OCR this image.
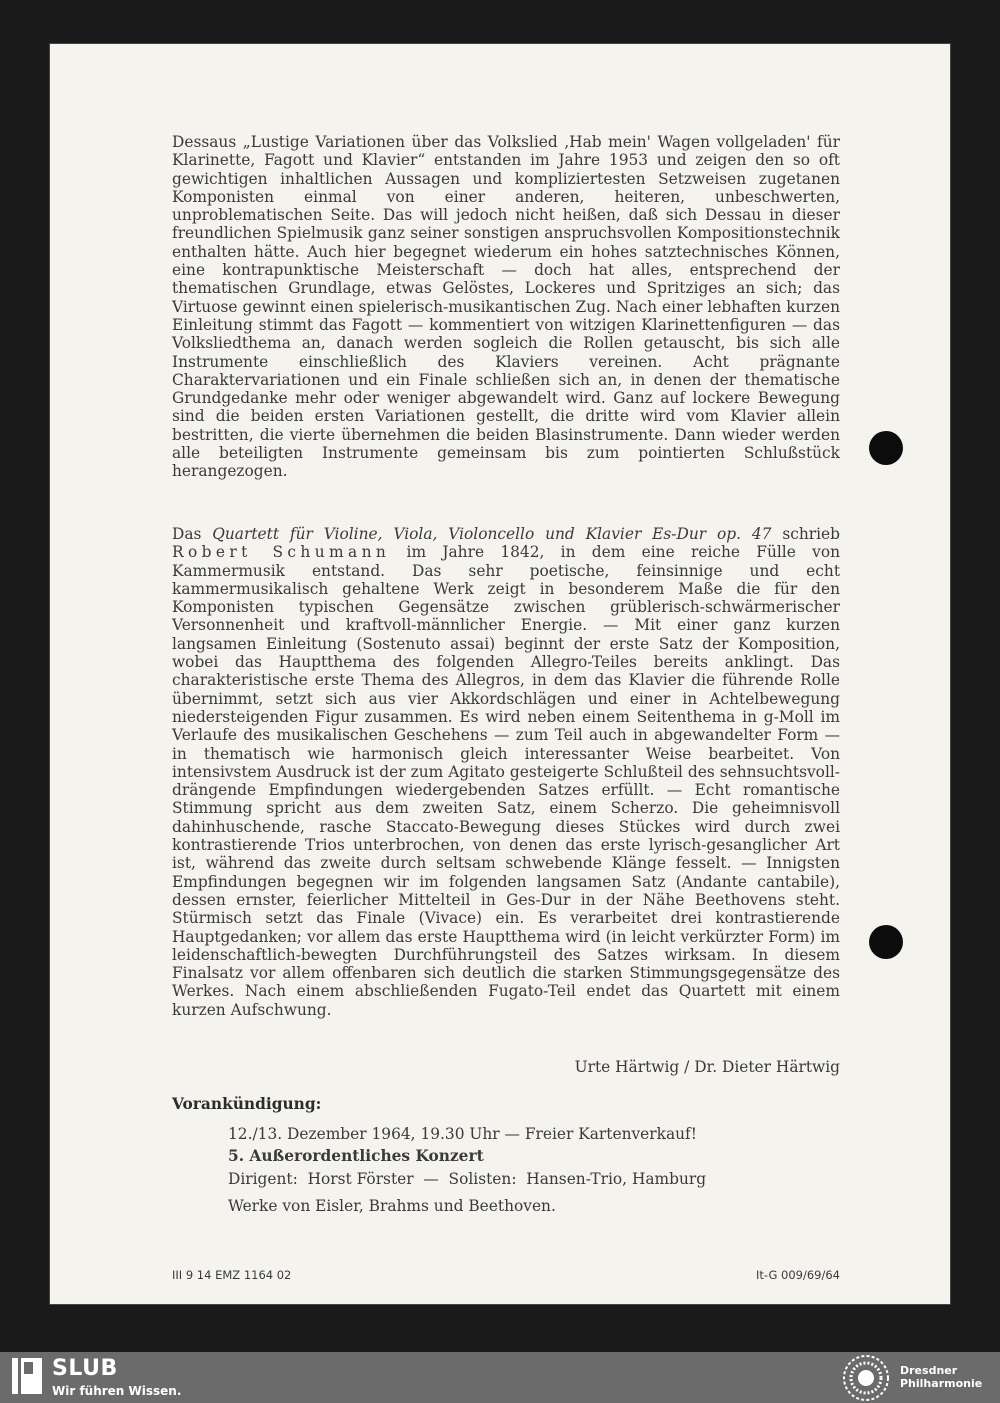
Dessaus „Lustige Variationen über das Volkslied ‚Hab mein' Wagen vollgeladen' für Klarinette, Fagott und Klavier“ entstanden im Jahre 1953 und zeigen den so oft gewichtigen inhaltlichen Aussagen und kompliziertesten Setzweisen zugetanen Komponisten einmal von einer anderen, heiteren, unbeschwerten, unproblematischen Seite. Das will jedoch nicht heißen, daß sich Dessau in dieser freundlichen Spielmusik ganz seiner sonstigen anspruchsvollen Kompositionstechnik enthalten hätte. Auch hier begegnet wiederum ein hohes satztechnisches Können, eine kontrapunktische Meisterschaft — doch hat alles, entsprechend der thematischen Grundlage, etwas Gelöstes, Lockeres und Spritziges an sich; das Virtuose gewinnt einen spielerisch-musikantischen Zug. Nach einer lebhaften kurzen Einleitung stimmt das Fagott — kommentiert von witzigen Klarinettenfiguren — das Volksliedthema an, danach werden sogleich die Rollen getauscht, bis sich alle Instrumente einschließlich des Klaviers vereinen. Acht prägnante Charaktervariationen und ein Finale schließen sich an, in denen der thematische Grundgedanke mehr oder weniger abgewandelt wird. Ganz auf lockere Bewegung sind die beiden ersten Variationen gestellt, die dritte wird vom Klavier allein bestritten, die vierte übernehmen die beiden Blasinstrumente. Dann wieder werden alle beteiligten Instrumente gemeinsam bis zum pointierten Schlußstück herangezogen.

Das Quartett für Violine, Viola, Violoncello und Klavier Es-Dur op. 47 schrieb Robert Schumann im Jahre 1842, in dem eine reiche Fülle von Kammermusik entstand. Das sehr poetische, feinsinnige und echt kammermusikalisch gehaltene Werk zeigt in besonderem Maße die für den Komponisten typischen Gegensätze zwischen grüblerisch-schwärmerischer Versonnenheit und kraftvoll-männlicher Energie. — Mit einer ganz kurzen langsamen Einleitung (Sostenuto assai) beginnt der erste Satz der Komposition, wobei das Hauptthema des folgenden Allegro-Teiles bereits anklingt. Das charakteristische erste Thema des Allegros, in dem das Klavier die führende Rolle übernimmt, setzt sich aus vier Akkordschlägen und einer in Achtelbewegung niedersteigenden Figur zusammen. Es wird neben einem Seitenthema in g-Moll im Verlaufe des musikalischen Geschehens — zum Teil auch in abgewandelter Form — in thematisch wie harmonisch gleich interessanter Weise bearbeitet. Von intensivstem Ausdruck ist der zum Agitato gesteigerte Schlußteil des sehnsuchtsvoll-drängende Empfindungen wiedergebenden Satzes erfüllt. — Echt romantische Stimmung spricht aus dem zweiten Satz, einem Scherzo. Die geheimnisvoll dahinhuschende, rasche Staccato-Bewegung dieses Stückes wird durch zwei kontrastierende Trios unterbrochen, von denen das erste lyrisch-gesanglicher Art ist, während das zweite durch seltsam schwebende Klänge fesselt. — Innigsten Empfindungen begegnen wir im folgenden langsamen Satz (Andante cantabile), dessen ernster, feierlicher Mittelteil in Ges-Dur in der Nähe Beethovens steht. Stürmisch setzt das Finale (Vivace) ein. Es verarbeitet drei kontrastierende Hauptgedanken; vor allem das erste Hauptthema wird (in leicht verkürzter Form) im leidenschaftlich-bewegten Durchführungsteil des Satzes wirksam. In diesem Finalsatz vor allem offenbaren sich deutlich die starken Stimmungsgegensätze des Werkes. Nach einem abschließenden Fugato-Teil endet das Quartett mit einem kurzen Aufschwung.

Urte Härtwig / Dr. Dieter Härtwig
Vorankündigung:
12./13. Dezember 1964, 19.30 Uhr — Freier Kartenverkauf!
5. Außerordentliches Konzert
Dirigent:  Horst Förster  —  Solisten:  Hansen-Trio, Hamburg
Werke von Eisler, Brahms und Beethoven.
III 9 14 EMZ 1164 02	It-G 009/69/64
SLUB
Wir führen Wissen.
Dresdner
Philharmonie
